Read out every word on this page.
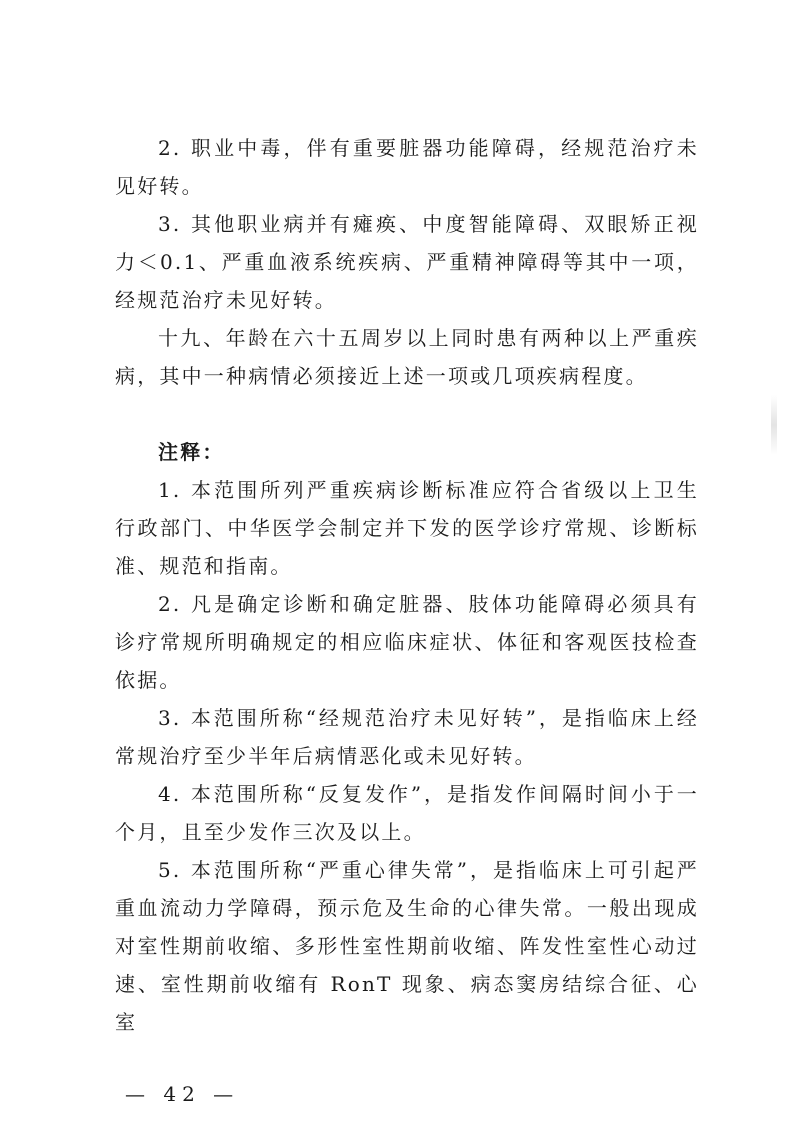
2. 职业中毒，伴有重要脏器功能障碍，经规范治疗未见好转。

3. 其他职业病并有瘫痪、中度智能障碍、双眼矫正视力＜0.1、严重血液系统疾病、严重精神障碍等其中一项，经规范治疗未见好转。

十九、年龄在六十五周岁以上同时患有两种以上严重疾病，其中一种病情必须接近上述一项或几项疾病程度。

注释：

1. 本范围所列严重疾病诊断标准应符合省级以上卫生行政部门、中华医学会制定并下发的医学诊疗常规、诊断标准、规范和指南。

2. 凡是确定诊断和确定脏器、肢体功能障碍必须具有诊疗常规所明确规定的相应临床症状、体征和客观医技检查依据。

3. 本范围所称“经规范治疗未见好转”，是指临床上经常规治疗至少半年后病情恶化或未见好转。

4. 本范围所称“反复发作”，是指发作间隔时间小于一个月，且至少发作三次及以上。

5. 本范围所称“严重心律失常”，是指临床上可引起严重血流动力学障碍，预示危及生命的心律失常。一般出现成对室性期前收缩、多形性室性期前收缩、阵发性室性心动过速、室性期前收缩有 RonT 现象、病态窦房结综合征、心室

— 42 —
